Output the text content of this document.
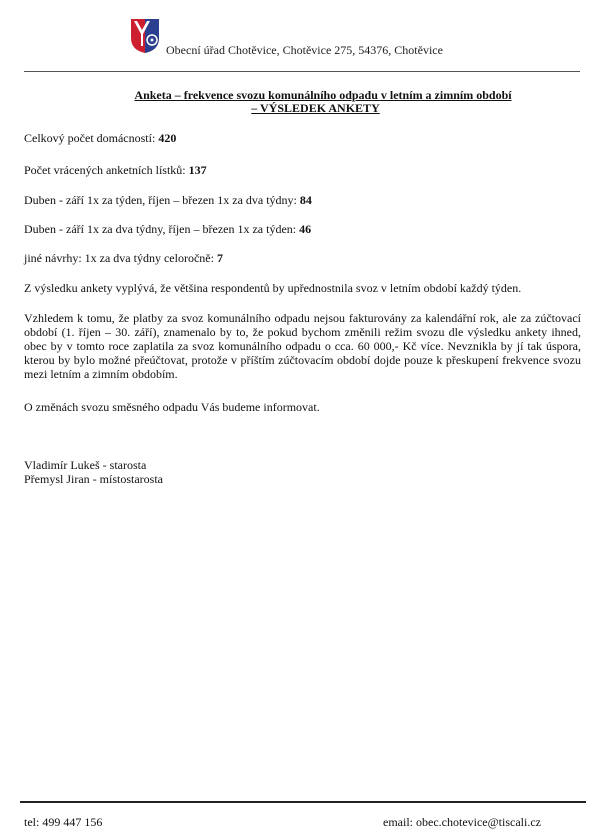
Obecní úřad Chotěvice, Chotěvice 275, 54376, Chotěvice
Anketa – frekvence svozu komunálního odpadu v letním a zimním období
– VÝSLEDEK ANKETY

Celkový počet domácností: 420

Počet vrácených anketních lístků: 137

Duben - září 1x za týden, říjen – březen 1x za dva týdny: 84

Duben - září 1x za dva týdny, říjen – březen 1x za týden: 46

jiné návrhy: 1x za dva týdny celoročně: 7

Z výsledku ankety vyplývá, že většina respondentů by upřednostnila svoz v letním období každý týden.

Vzhledem k tomu, že platby za svoz komunálního odpadu nejsou fakturovány za kalendářní rok, ale za zúčtovací období (1. říjen – 30. září), znamenalo by to, že pokud bychom změnili režim svozu dle výsledku ankety ihned, obec by v tomto roce zaplatila za svoz komunálního odpadu o cca. 60 000,- Kč více. Nevznikla by jí tak úspora, kterou by bylo možné přeúčtovat, protože v příštím zúčtovacím období dojde pouze k přeskupení frekvence svozu mezi letním a zimním obdobím.

O změnách svozu směsného odpadu Vás budeme informovat.

Vladimír Lukeš - starosta
Přemysl Jiran - místostarosta
tel: 499 447 156	email: obec.chotevice@tiscali.cz
